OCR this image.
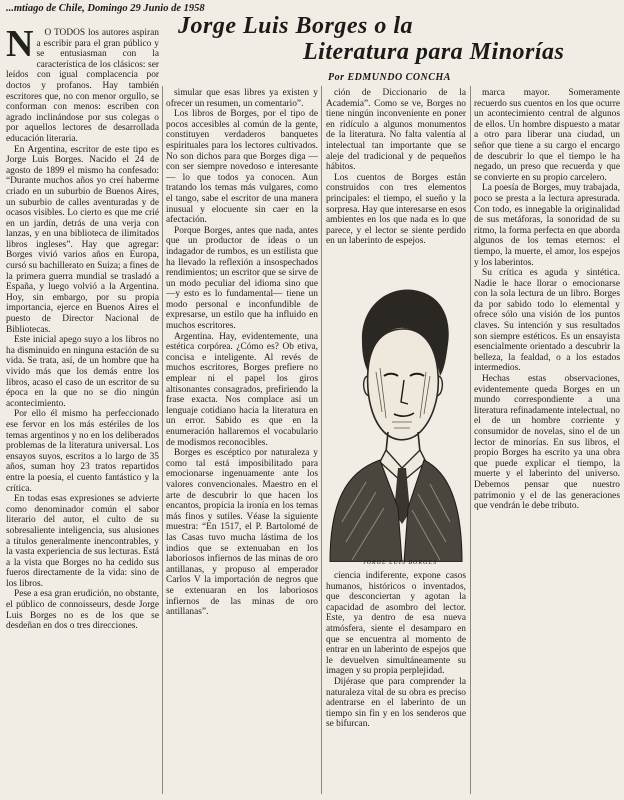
...mtiago de Chile, Domingo 29 Junio de 1958
Jorge Luis Borges o la
Literatura para Minorías
Por EDMUNDO CONCHA

N O TODOS los autores aspiran a escribir para el gran público y se entusiasman con la característica de los clásicos: ser leídos con igual complacencia por doctos y profanos. Hay también escritores que, no con menor orgullo, se conforman con menos: escriben con agrado inclinándose por sus colegas o por aquellos lectores de desarrollada educación literaria.

En Argentina, escritor de este tipo es Jorge Luis Borges. Nacido el 24 de agosto de 1899 el mismo ha confesado: “Durante muchos años yo creí haberme criado en un suburbio de Buenos Aires, un suburbio de calles aventuradas y de ocasos visibles. Lo cierto es que me crié en un jardín, detrás de una verja con lanzas, y en una biblioteca de ilimitados libros ingleses”. Hay que agregar: Borges vivió varios años en Europa, cursó su bachillerato en Suiza; a fines de la primera guerra mundial se trasladó a España, y luego volvió a la Argentina. Hoy, sin embargo, por su propia importancia, ejerce en Buenos Aires el puesto de Director Nacional de Bibliotecas.

Este inicial apego suyo a los libros no ha disminuido en ninguna estación de su vida. Se trata, así, de un hombre que ha vivido más que los demás entre los libros, acaso el caso de un escritor de su época en la que no se dio ningún acontecimiento.

Por ello él mismo ha perfeccionado ese fervor en los más estériles de los temas argentinos y no en los deliberados problemas de la literatura universal. Los ensayos suyos, escritos a lo largo de 35 años, suman hoy 23 tratos repartidos entre la poesía, el cuento fantástico y la crítica.

En todas esas expresiones se advierte como denominador común el sabor literario del autor, el culto de su sobresaliente inteligencia, sus alusiones a títulos generalmente inencontrables, y la vasta experiencia de sus lecturas. Está a la vista que Borges no ha cedido sus fueros directamente de la vida: sino de los libros.

Pese a esa gran erudición, no obstante, el público de connoisseurs, desde Jorge Luis Borges no es de los que se desdeñan en dos o tres direcciones.

simular que esas libres ya existen y ofrecer un resumen, un comentario”.

Los libros de Borges, por el tipo de pocos accesibles al común de la gente, constituyen verdaderos banquetes espirituales para los lectores cultivados. No son dichos para que Borges diga —con ser siempre novedoso e interesante— lo que todos ya conocen. Aun tratando los temas más vulgares, como el tango, sabe el escritor de una manera inusual y elocuente sin caer en la afectación.

Porque Borges, antes que nada, antes que un productor de ideas o un indagador de rumbos, es un estilista que ha llevado la reflexión a insospechados rendimientos; un escritor que se sirve de un modo peculiar del idioma sino que —y esto es lo fundamental— tiene un modo personal e inconfundible de expresarse, un estilo que ha influido en muchos escritores.

Argentina. Hay, evidentemente, una estética corpórea. ¿Cómo es? Ob etiva, concisa e inteligente. Al revés de muchos escritores, Borges prefiere no emplear ni el papel los giros altisonantes consagrados, prefiriendo la frase exacta. Nos complace así un lenguaje cotidiano hacia la literatura en un error. Sabido es que en la enumeración hallaremos el vocabulario de modismos reconocibles.

Borges es escéptico por naturaleza y como tal está imposibilitado para emocionarse ingenuamente ante los valores convencionales. Maestro en el arte de descubrir lo que hacen los encantos, propicia la ironía en los temas más finos y sutiles. Véase la siguiente muestra: “En 1517, el P. Bartolomé de las Casas tuvo mucha lástima de los indios que se extenuaban en los laboriosos infiernos de las minas de oro antillanas, y propuso al emperador Carlos V la importación de negros que se extenuaran en los laboriosos infiernos de las minas de oro antillanas”.

ción de Diccionario de la Academia”. Como se ve, Borges no tiene ningún inconveniente en poner en ridículo a algunos monumentos de la literatura. No falta valentía al intelectual tan importante que se aleje del tradicional y de pequeños hábitos.

Los cuentos de Borges están construidos con tres elementos principales: el tiempo, el sueño y la sorpresa. Hay que interesarse en esos ambientes en los que nada es lo que parece, y el lector se siente perdido en un laberinto de espejos.

JORGE LUIS BORGES

ciencia indiferente, expone casos humanos, históricos o inventados, que desconciertan y agotan la capacidad de asombro del lector. Este, ya dentro de esa nueva atmósfera, siente el desamparo en que se encuentra al momento de entrar en un laberinto de espejos que le devuelven simultáneamente su imagen y su propia perplejidad.

Dijérase que para comprender la naturaleza vital de su obra es preciso adentrarse en el laberinto de un tiempo sin fin y en los senderos que se bifurcan.

marca mayor. Someramente recuerdo sus cuentos en los que ocurre un acontecimiento central de algunos de ellos. Un hombre dispuesto a matar a otro para liberar una ciudad, un señor que tiene a su cargo el encargo de descubrir lo que el tiempo le ha negado, un preso que recuerda y que se convierte en su propio carcelero.

La poesía de Borges, muy trabajada, poco se presta a la lectura apresurada. Con todo, es innegable la originalidad de sus metáforas, la sonoridad de su ritmo, la forma perfecta en que aborda algunos de los temas eternos: el tiempo, la muerte, el amor, los espejos y los laberintos.

Su crítica es aguda y sintética. Nadie le hace llorar o emocionarse con la sola lectura de un libro. Borges da por sabido todo lo elemental y ofrece sólo una visión de los puntos claves. Su intención y sus resultados son siempre estéticos. Es un ensayista esencialmente orientado a descubrir la belleza, la fealdad, o a los estados intermedios.

Hechas estas observaciones, evidentemente queda Borges en un mundo correspondiente a una literatura refinadamente intelectual, no el de un hombre corriente y consumidor de novelas, sino el de un lector de minorías. En sus libros, el propio Borges ha escrito ya una obra que puede explicar el tiempo, la muerte y el laberinto del universo. Debemos pensar que nuestro patrimonio y el de las generaciones que vendrán le debe tributo.
